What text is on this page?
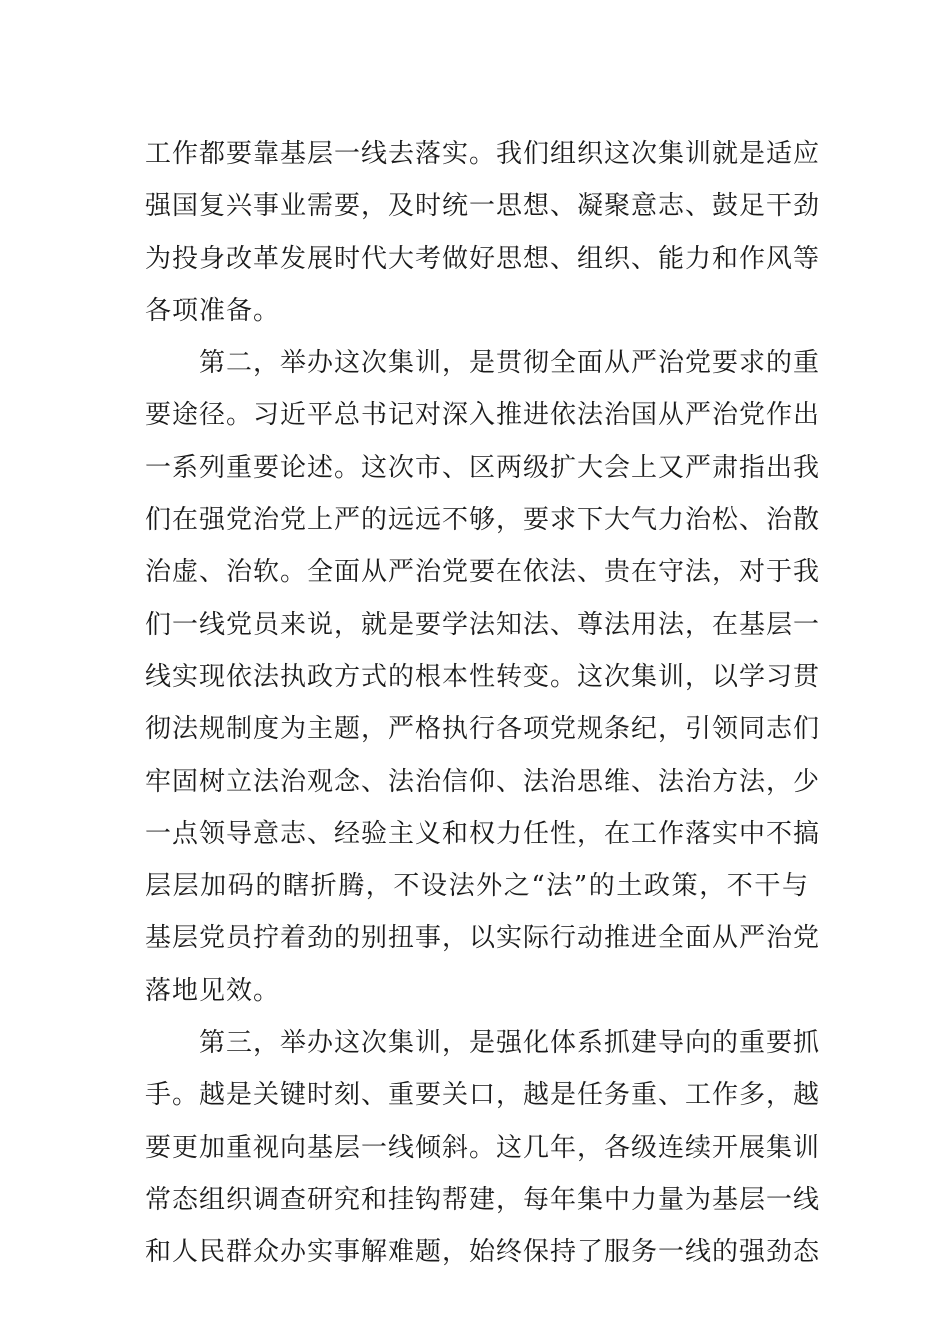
工作都要靠基层一线去落实。我们组织这次集训就是适应
强国复兴事业需要，及时统一思想、凝聚意志、鼓足干劲
为投身改革发展时代大考做好思想、组织、能力和作风等
各项准备。
　　第二，举办这次集训，是贯彻全面从严治党要求的重
要途径。习近平总书记对深入推进依法治国从严治党作出
一系列重要论述。这次市、区两级扩大会上又严肃指出我
们在强党治党上严的远远不够，要求下大气力治松、治散
治虚、治软。全面从严治党要在依法、贵在守法，对于我
们一线党员来说，就是要学法知法、尊法用法，在基层一
线实现依法执政方式的根本性转变。这次集训，以学习贯
彻法规制度为主题，严格执行各项党规条纪，引领同志们
牢固树立法治观念、法治信仰、法治思维、法治方法，少
一点领导意志、经验主义和权力任性，在工作落实中不搞
层层加码的瞎折腾，不设法外之“法”的土政策，不干与
基层党员拧着劲的别扭事，以实际行动推进全面从严治党
落地见效。
　　第三，举办这次集训，是强化体系抓建导向的重要抓
手。越是关键时刻、重要关口，越是任务重、工作多，越
要更加重视向基层一线倾斜。这几年，各级连续开展集训
常态组织调查研究和挂钩帮建，每年集中力量为基层一线
和人民群众办实事解难题，始终保持了服务一线的强劲态
